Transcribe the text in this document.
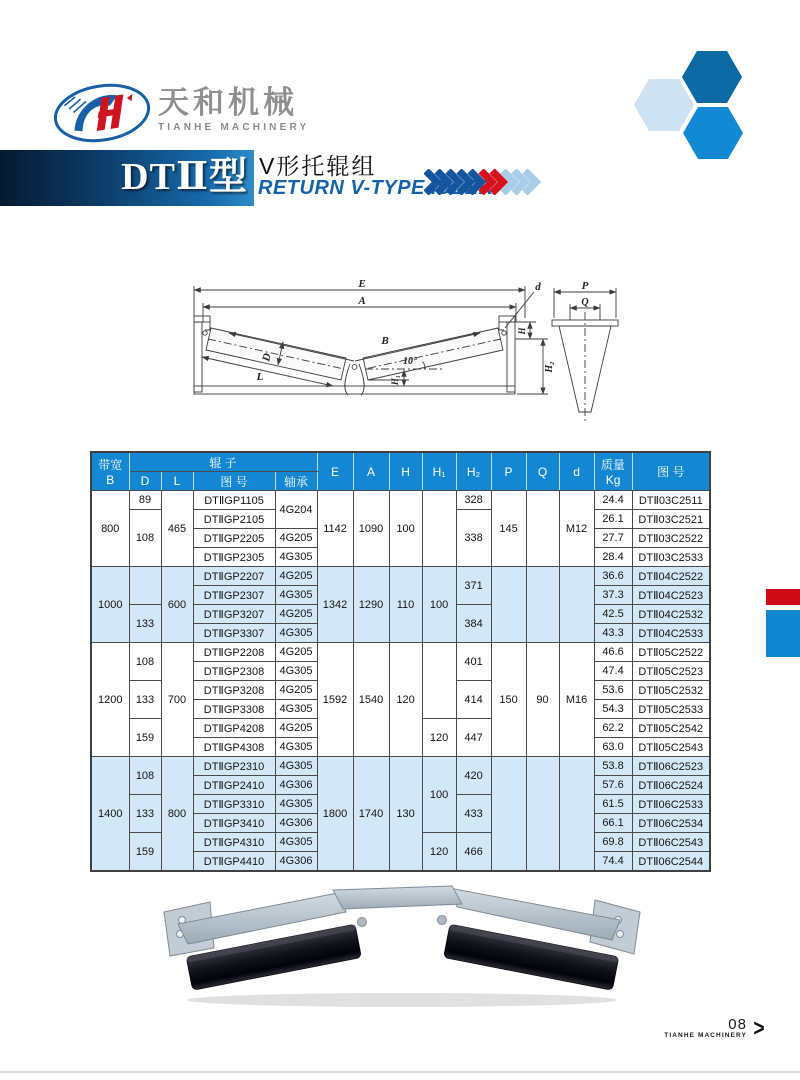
天和机械
TIANHE MACHINERY
DTⅡ型 V形托辊组
RETURN V-TYPE IDLER
E
A
B
D
L
10°
H₁
d
H
H₂
P
Q
带宽
B
	辊 子	E	A	H	H₁	H₂	P	Q	d	质量
Kg
	图 号
	D	L	图 号	轴承										
800	89	465	DTⅡGP1105	4G204	1142	1090	100		328	145		M12	24.4	DTⅡ03C2511
	108		DTⅡGP2105						338				26.1	DTⅡ03C2521
			DTⅡGP2205	4G205									27.7	DTⅡ03C2522
			DTⅡGP2305	4G305									28.4	DTⅡ03C2533
1000		600	DTⅡGP2207	4G205	1342	1290	110	100	371				36.6	DTⅡ04C2522
			DTⅡGP2307	4G305									37.3	DTⅡ04C2523
	133		DTⅡGP3207	4G205					384				42.5	DTⅡ04C2532
			DTⅡGP3307	4G305									43.3	DTⅡ04C2533
1200	108	700	DTⅡGP2208	4G205	1592	1540	120		401	150	90	M16	46.6	DTⅡ05C2522
			DTⅡGP2308	4G305									47.4	DTⅡ05C2523
	133		DTⅡGP3208	4G205					414				53.6	DTⅡ05C2532
			DTⅡGP3308	4G305									54.3	DTⅡ05C2533
	159		DTⅡGP4208	4G205				120	447				62.2	DTⅡ05C2542
			DTⅡGP4308	4G305									63.0	DTⅡ05C2543
1400	108	800	DTⅡGP2310	4G305	1800	1740	130	100	420				53.8	DTⅡ06C2523
			DTⅡGP2410	4G306									57.6	DTⅡ06C2524
	133		DTⅡGP3310	4G305					433				61.5	DTⅡ06C2533
			DTⅡGP3410	4G306									66.1	DTⅡ06C2534
	159		DTⅡGP4310	4G305				120	466				69.8	DTⅡ06C2543
			DTⅡGP4410	4G306									74.4	DTⅡ06C2544
08
TIANHE MACHINERY >
